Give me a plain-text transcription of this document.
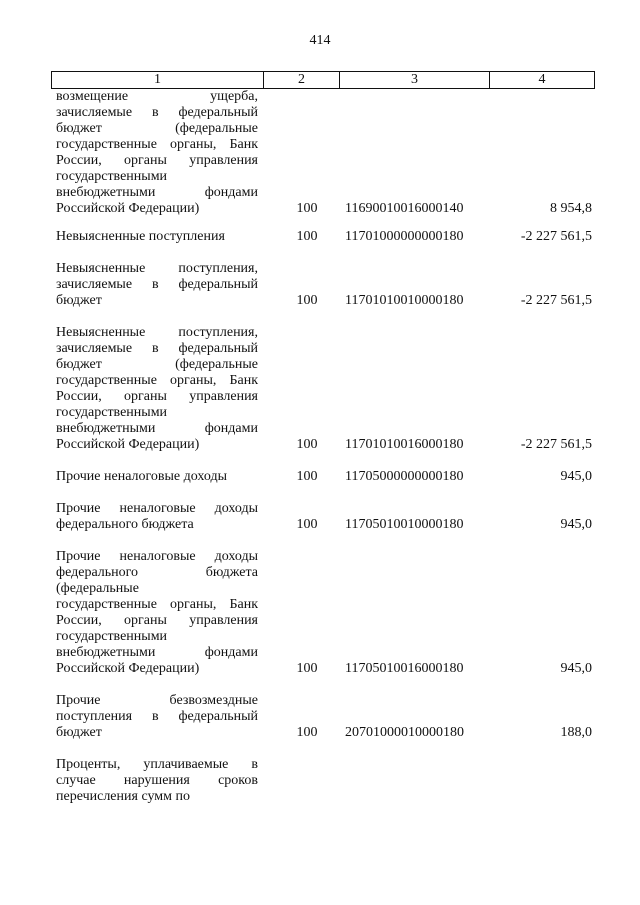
414
1	2	3	4
возмещение ущерба,
зачисляемые в федеральный
бюджет (федеральные
государственные органы, Банк
России, органы управления
государственными
внебюджетными фондами
Российской Федерации)	100	11690010016000140	8 954,8
Невыясненные поступления	100	11701000000000180	-2 227 561,5
Невыясненные поступления,
зачисляемые в федеральный
бюджет	100	11701010010000180	-2 227 561,5
Невыясненные поступления,
зачисляемые в федеральный
бюджет (федеральные
государственные органы, Банк
России, органы управления
государственными
внебюджетными фондами
Российской Федерации)	100	11701010016000180	-2 227 561,5
Прочие неналоговые доходы	100	11705000000000180	945,0
Прочие неналоговые доходы
федерального бюджета	100	11705010010000180	945,0
Прочие неналоговые доходы
федерального бюджета
(федеральные
государственные органы, Банк
России, органы управления
государственными
внебюджетными фондами
Российской Федерации)	100	11705010016000180	945,0
Прочие безвозмездные
поступления в федеральный
бюджет	100	20701000010000180	188,0
Проценты, уплачиваемые в
случае нарушения сроков
перечисления сумм по
